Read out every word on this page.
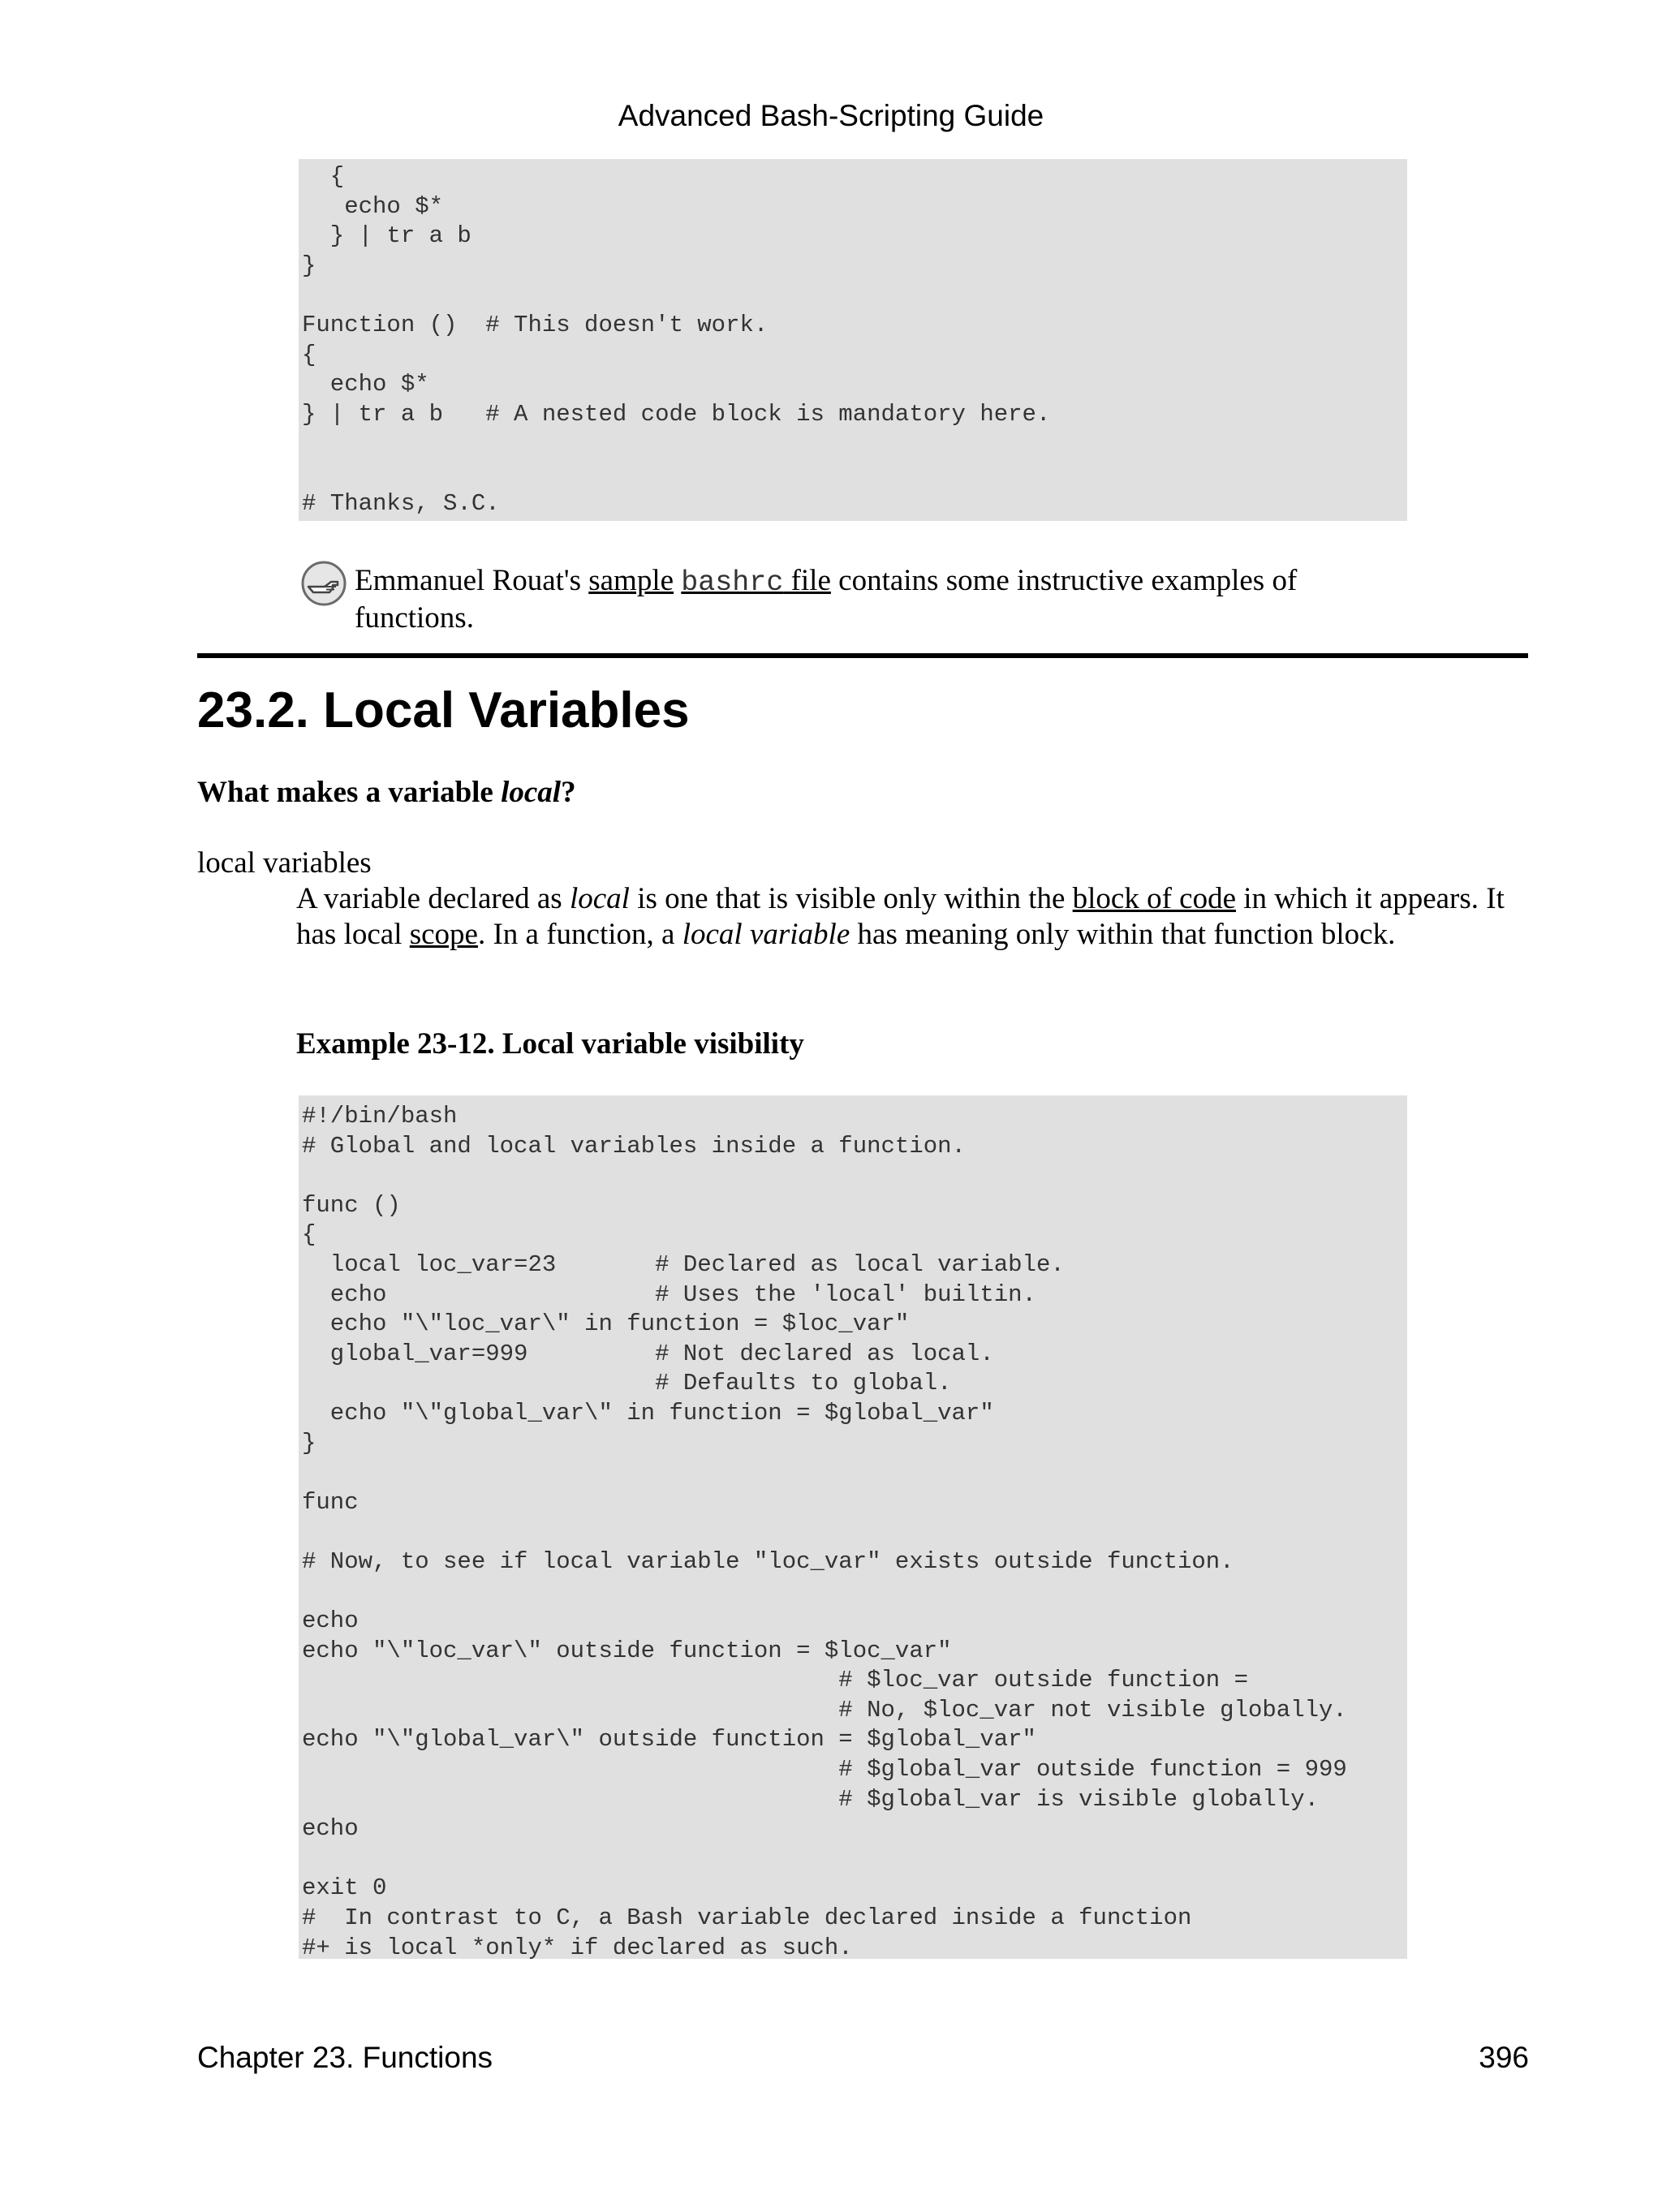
Advanced Bash-Scripting Guide
{
echo $*
} | tr a b
}

Function ()  # This doesn't work.
{
echo $*
} | tr a b   # A nested code block is mandatory here.

# Thanks, S.C.
Emmanuel Rouat's sample bashrc file contains some instructive examples of functions.
23.2. Local Variables
What makes a variable local?
local variables
A variable declared as local is one that is visible only within the block of code in which it appears. It has local scope. In a function, a local variable has meaning only within that function block.
Example 23-12. Local variable visibility
#!/bin/bash
# Global and local variables inside a function.

func ()
{
local loc_var=23       # Declared as local variable.
echo                   # Uses the 'local' builtin.
echo "\"loc_var\" in function = $loc_var"
global_var=999         # Not declared as local.
# Defaults to global.
echo "\"global_var\" in function = $global_var"
}

func

# Now, to see if local variable "loc_var" exists outside function.

echo
echo "\"loc_var\" outside function = $loc_var"
# $loc_var outside function =
# No, $loc_var not visible globally.
echo "\"global_var\" outside function = $global_var"
# $global_var outside function = 999
# $global_var is visible globally.
echo

exit 0
#  In contrast to C, a Bash variable declared inside a function
#+ is local *only* if declared as such.
Chapter 23. Functions	396
